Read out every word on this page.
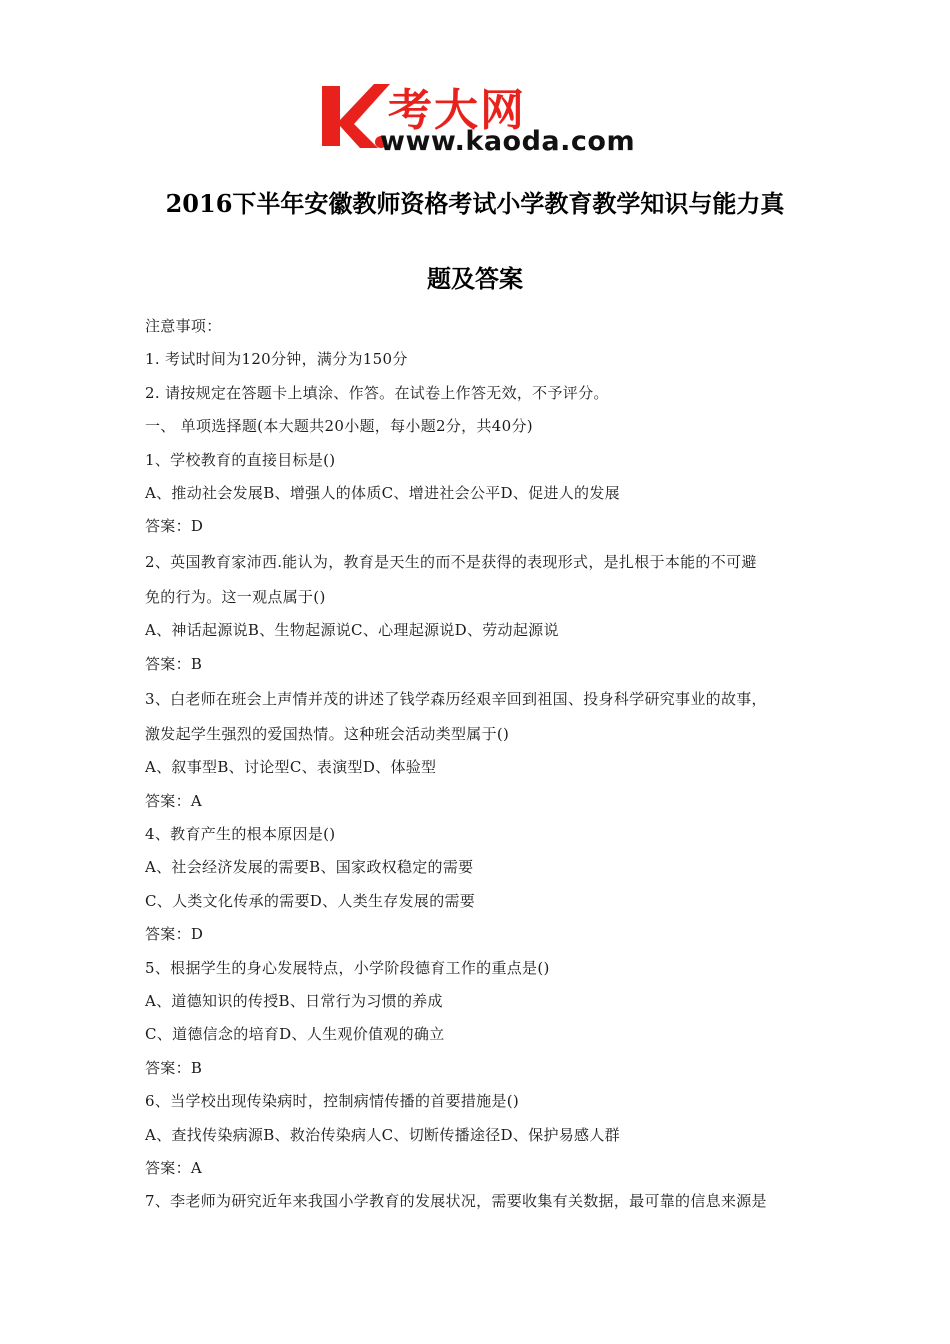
考大网
www.kaoda.com
2016下半年安徽教师资格考试小学教育教学知识与能力真
题及答案
注意事项：
1. 考试时间为120分钟，满分为150分
2. 请按规定在答题卡上填涂、作答。在试卷上作答无效，不予评分。
一、 单项选择题(本大题共20小题，每小题2分，共40分)
1、学校教育的直接目标是()
A、推动社会发展B、增强人的体质C、增进社会公平D、促进人的发展
答案：D
2、英国教育家沛西.能认为，教育是天生的而不是获得的表现形式，是扎根于本能的不可避
免的行为。这一观点属于()
A、神话起源说B、生物起源说C、心理起源说D、劳动起源说
答案：B
3、白老师在班会上声情并茂的讲述了钱学森历经艰辛回到祖国、投身科学研究事业的故事，
激发起学生强烈的爱国热情。这种班会活动类型属于()
A、叙事型B、讨论型C、表演型D、体验型
答案：A
4、教育产生的根本原因是()
A、社会经济发展的需要B、国家政权稳定的需要
C、人类文化传承的需要D、人类生存发展的需要
答案：D
5、根据学生的身心发展特点，小学阶段德育工作的重点是()
A、道德知识的传授B、日常行为习惯的养成
C、道德信念的培育D、人生观价值观的确立
答案：B
6、当学校出现传染病时，控制病情传播的首要措施是()
A、查找传染病源B、救治传染病人C、切断传播途径D、保护易感人群
答案：A
7、李老师为研究近年来我国小学教育的发展状况，需要收集有关数据，最可靠的信息来源是
